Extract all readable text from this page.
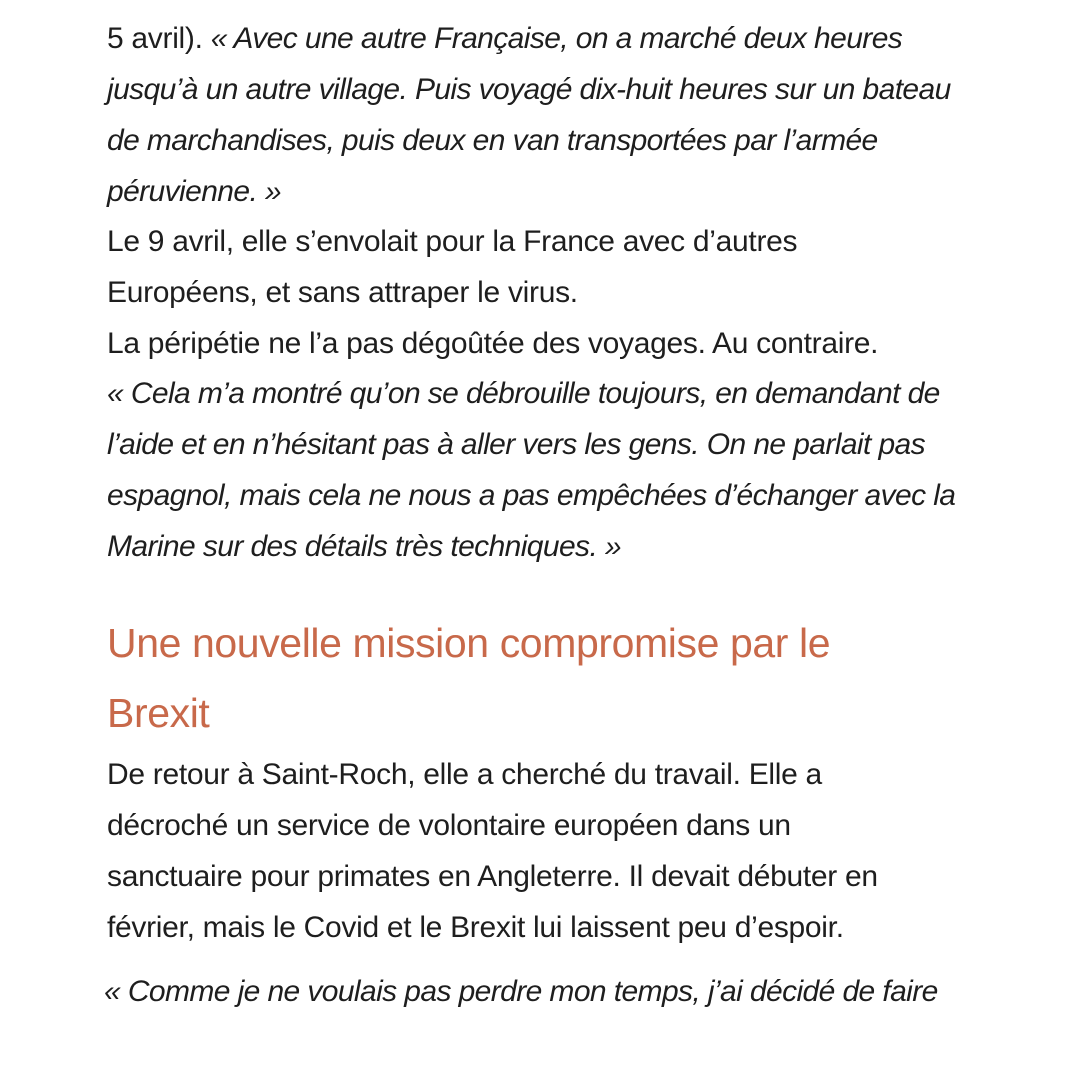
5 avril). « Avec une autre Française, on a marché deux heures

jusqu’à un autre village. Puis voyagé dix-huit heures sur un bateau

de marchandises, puis deux en van transportées par l’armée

péruvienne. »

Le 9 avril, elle s’envolait pour la France avec d’autres

Européens, et sans attraper le virus.

La péripétie ne l’a pas dégoûtée des voyages. Au contraire.

« Cela m’a montré qu’on se débrouille toujours, en demandant de

l’aide et en n’hésitant pas à aller vers les gens. On ne parlait pas

espagnol, mais cela ne nous a pas empêchées d’échanger avec la

Marine sur des détails très techniques. »

Une nouvelle mission compromise par le
Brexit

De retour à Saint-Roch, elle a cherché du travail. Elle a

décroché un service de volontaire européen dans un

sanctuaire pour primates en Angleterre. Il devait débuter en

février, mais le Covid et le Brexit lui laissent peu d’espoir.

« Comme je ne voulais pas perdre mon temps, j’ai décidé de faire
